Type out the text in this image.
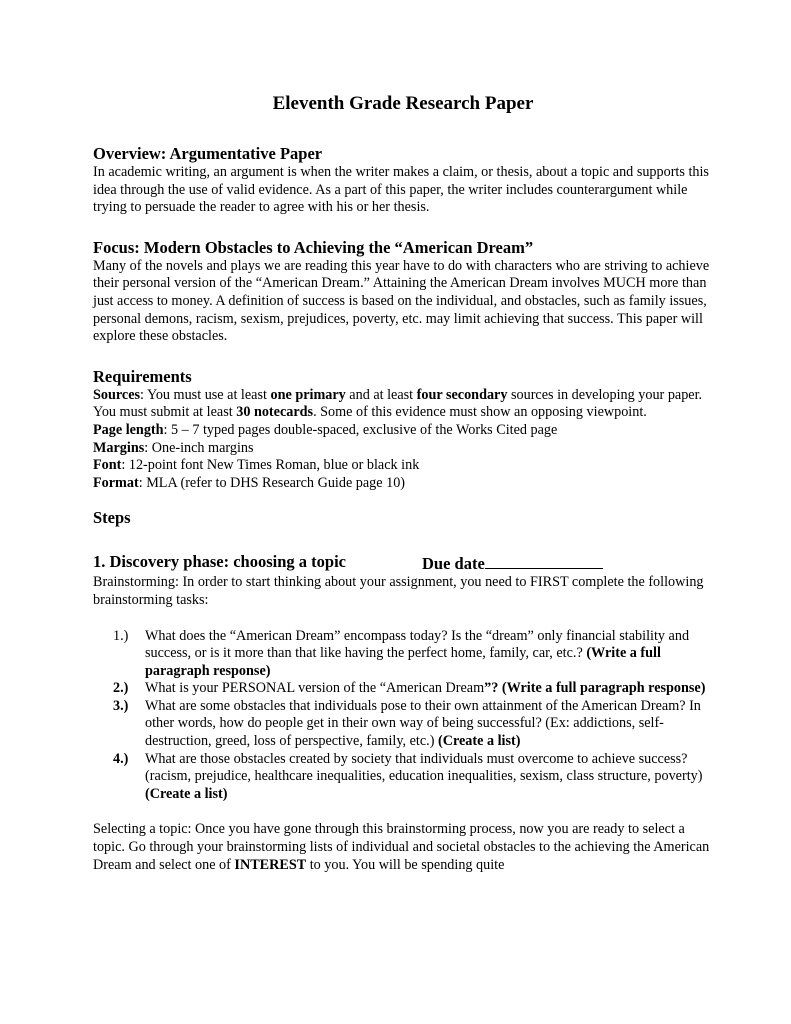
Eleventh Grade Research Paper
Overview: Argumentative Paper

In academic writing, an argument is when the writer makes a claim, or thesis, about a topic and supports this idea through the use of valid evidence. As a part of this paper, the writer includes counterargument while trying to persuade the reader to agree with his or her thesis.

Focus: Modern Obstacles to Achieving the “American Dream”

Many of the novels and plays we are reading this year have to do with characters who are striving to achieve their personal version of the “American Dream.” Attaining the American Dream involves MUCH more than just access to money. A definition of success is based on the individual, and obstacles, such as family issues, personal demons, racism, sexism, prejudices, poverty, etc. may limit achieving that success. This paper will explore these obstacles.

Requirements

Sources: You must use at least one primary and at least four secondary sources in developing your paper. You must submit at least 30 notecards. Some of this evidence must show an opposing viewpoint.

Page length: 5 – 7 typed pages double-spaced, exclusive of the Works Cited page
Margins: One-inch margins
Font: 12-point font New Times Roman, blue or black ink
Format: MLA (refer to DHS Research Guide page 10)
Steps
1. Discovery phase: choosing a topic	Due date

Brainstorming: In order to start thinking about your assignment, you need to FIRST complete the following brainstorming tasks:

1.) What does the “American Dream” encompass today? Is the “dream” only financial stability and success, or is it more than that like having the perfect home, family, car, etc.? (Write a full paragraph response)
2.) What is your PERSONAL version of the “American Dream”? (Write a full paragraph response)
3.) What are some obstacles that individuals pose to their own attainment of the American Dream? In other words, how do people get in their own way of being successful? (Ex: addictions, self-destruction, greed, loss of perspective, family, etc.) (Create a list)
4.) What are those obstacles created by society that individuals must overcome to achieve success? (racism, prejudice, healthcare inequalities, education inequalities, sexism, class structure, poverty) (Create a list)

Selecting a topic: Once you have gone through this brainstorming process, now you are ready to select a topic. Go through your brainstorming lists of individual and societal obstacles to the achieving the American Dream and select one of INTEREST to you. You will be spending quite
